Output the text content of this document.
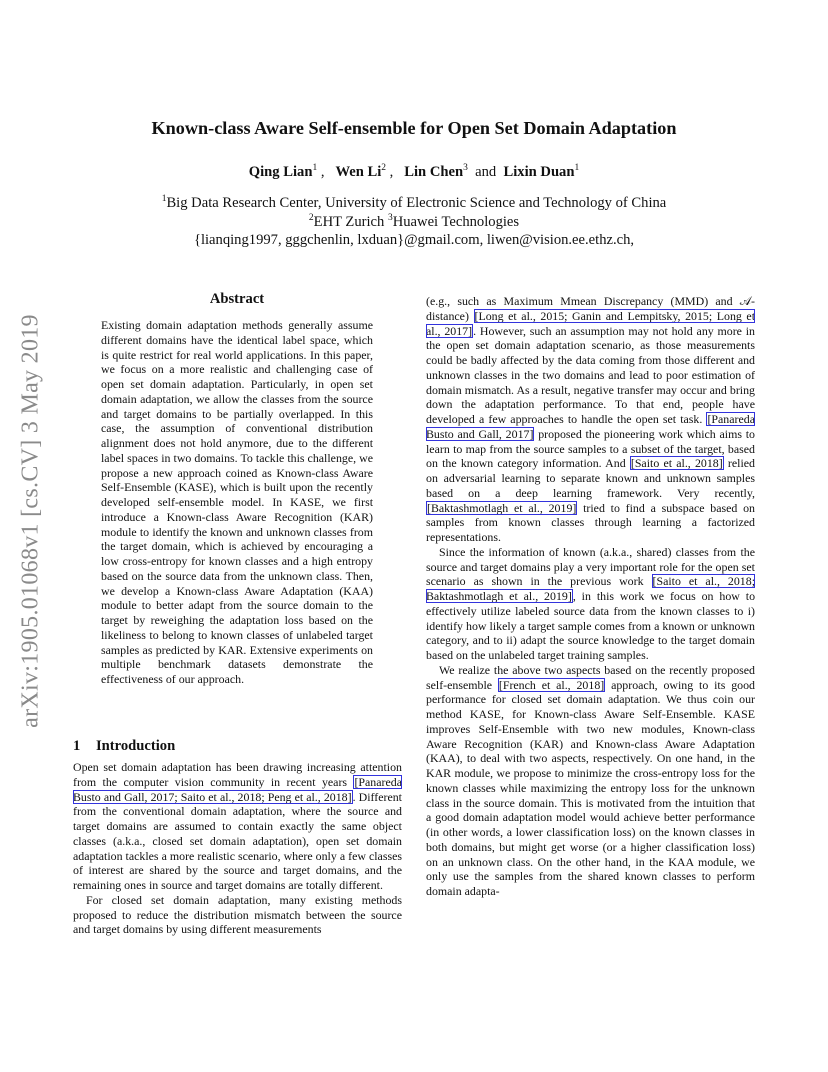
Known-class Aware Self-ensemble for Open Set Domain Adaptation
Qing Lian$^1$ ,   Wen Li$^2$ ,   Lin Chen$^3$  and  Lixin Duan$^1$
$^1$Big Data Research Center, University of Electronic Science and Technology of China
$^2$EHT Zurich $^3$Huawei Technologies
{lianqing1997, gggchenlin, lxduan}@gmail.com, liwen@vision.ee.ethz.ch,
arXiv:1905.01068v1 [cs.CV] 3 May 2019
Abstract

Existing domain adaptation methods generally assume different domains have the identical label space, which is quite restrict for real world applications. In this paper, we focus on a more realistic and challenging case of open set domain adaptation. Particularly, in open set domain adaptation, we allow the classes from the source and target domains to be partially overlapped. In this case, the assumption of conventional distribution alignment does not hold anymore, due to the different label spaces in two domains. To tackle this challenge, we propose a new approach coined as Known-class Aware Self-Ensemble (KASE), which is built upon the recently developed self-ensemble model. In KASE, we first introduce a Known-class Aware Recognition (KAR) module to identify the known and unknown classes from the target domain, which is achieved by encouraging a low cross-entropy for known classes and a high entropy based on the source data from the unknown class. Then, we develop a Known-class Aware Adaptation (KAA) module to better adapt from the source domain to the target by reweighing the adaptation loss based on the likeliness to belong to known classes of unlabeled target samples as predicted by KAR. Extensive experiments on multiple benchmark datasets demonstrate the effectiveness of our approach.

1 Introduction

Open set domain adaptation has been drawing increasing attention from the computer vision community in recent years [Panareda Busto and Gall, 2017; Saito et al., 2018; Peng et al., 2018]. Different from the conventional domain adaptation, where the source and target domains are assumed to contain exactly the same object classes (a.k.a., closed set domain adaptation), open set domain adaptation tackles a more realistic scenario, where only a few classes of interest are shared by the source and target domains, and the remaining ones in source and target domains are totally different.

For closed set domain adaptation, many existing methods proposed to reduce the distribution mismatch between the source and target domains by using different measurements

(e.g., such as Maximum Mmean Discrepancy (MMD) and 𝒜-distance) [Long et al., 2015; Ganin and Lempitsky, 2015; Long et al., 2017]. However, such an assumption may not hold any more in the open set domain adaptation scenario, as those measurements could be badly affected by the data coming from those different and unknown classes in the two domains and lead to poor estimation of domain mismatch. As a result, negative transfer may occur and bring down the adaptation performance. To that end, people have developed a few approaches to handle the open set task. [Panareda Busto and Gall, 2017] proposed the pioneering work which aims to learn to map from the source samples to a subset of the target, based on the known category information. And [Saito et al., 2018] relied on adversarial learning to separate known and unknown samples based on a deep learning framework. Very recently, [Baktashmotlagh et al., 2019] tried to find a subspace based on samples from known classes through learning a factorized representations.

Since the information of known (a.k.a., shared) classes from the source and target domains play a very important role for the open set scenario as shown in the previous work [Saito et al., 2018; Baktashmotlagh et al., 2019], in this work we focus on how to effectively utilize labeled source data from the known classes to i) identify how likely a target sample comes from a known or unknown category, and to ii) adapt the source knowledge to the target domain based on the unlabeled target training samples.

We realize the above two aspects based on the recently proposed self-ensemble [French et al., 2018] approach, owing to its good performance for closed set domain adaptation. We thus coin our method KASE, for Known-class Aware Self-Ensemble. KASE improves Self-Ensemble with two new modules, Known-class Aware Recognition (KAR) and Known-class Aware Adaptation (KAA), to deal with two aspects, respectively. On one hand, in the KAR module, we propose to minimize the cross-entropy loss for the known classes while maximizing the entropy loss for the unknown class in the source domain. This is motivated from the intuition that a good domain adaptation model would achieve better performance (in other words, a lower classification loss) on the known classes in both domains, but might get worse (or a higher classification loss) on an unknown class. On the other hand, in the KAA module, we only use the samples from the shared known classes to perform domain adapta-
